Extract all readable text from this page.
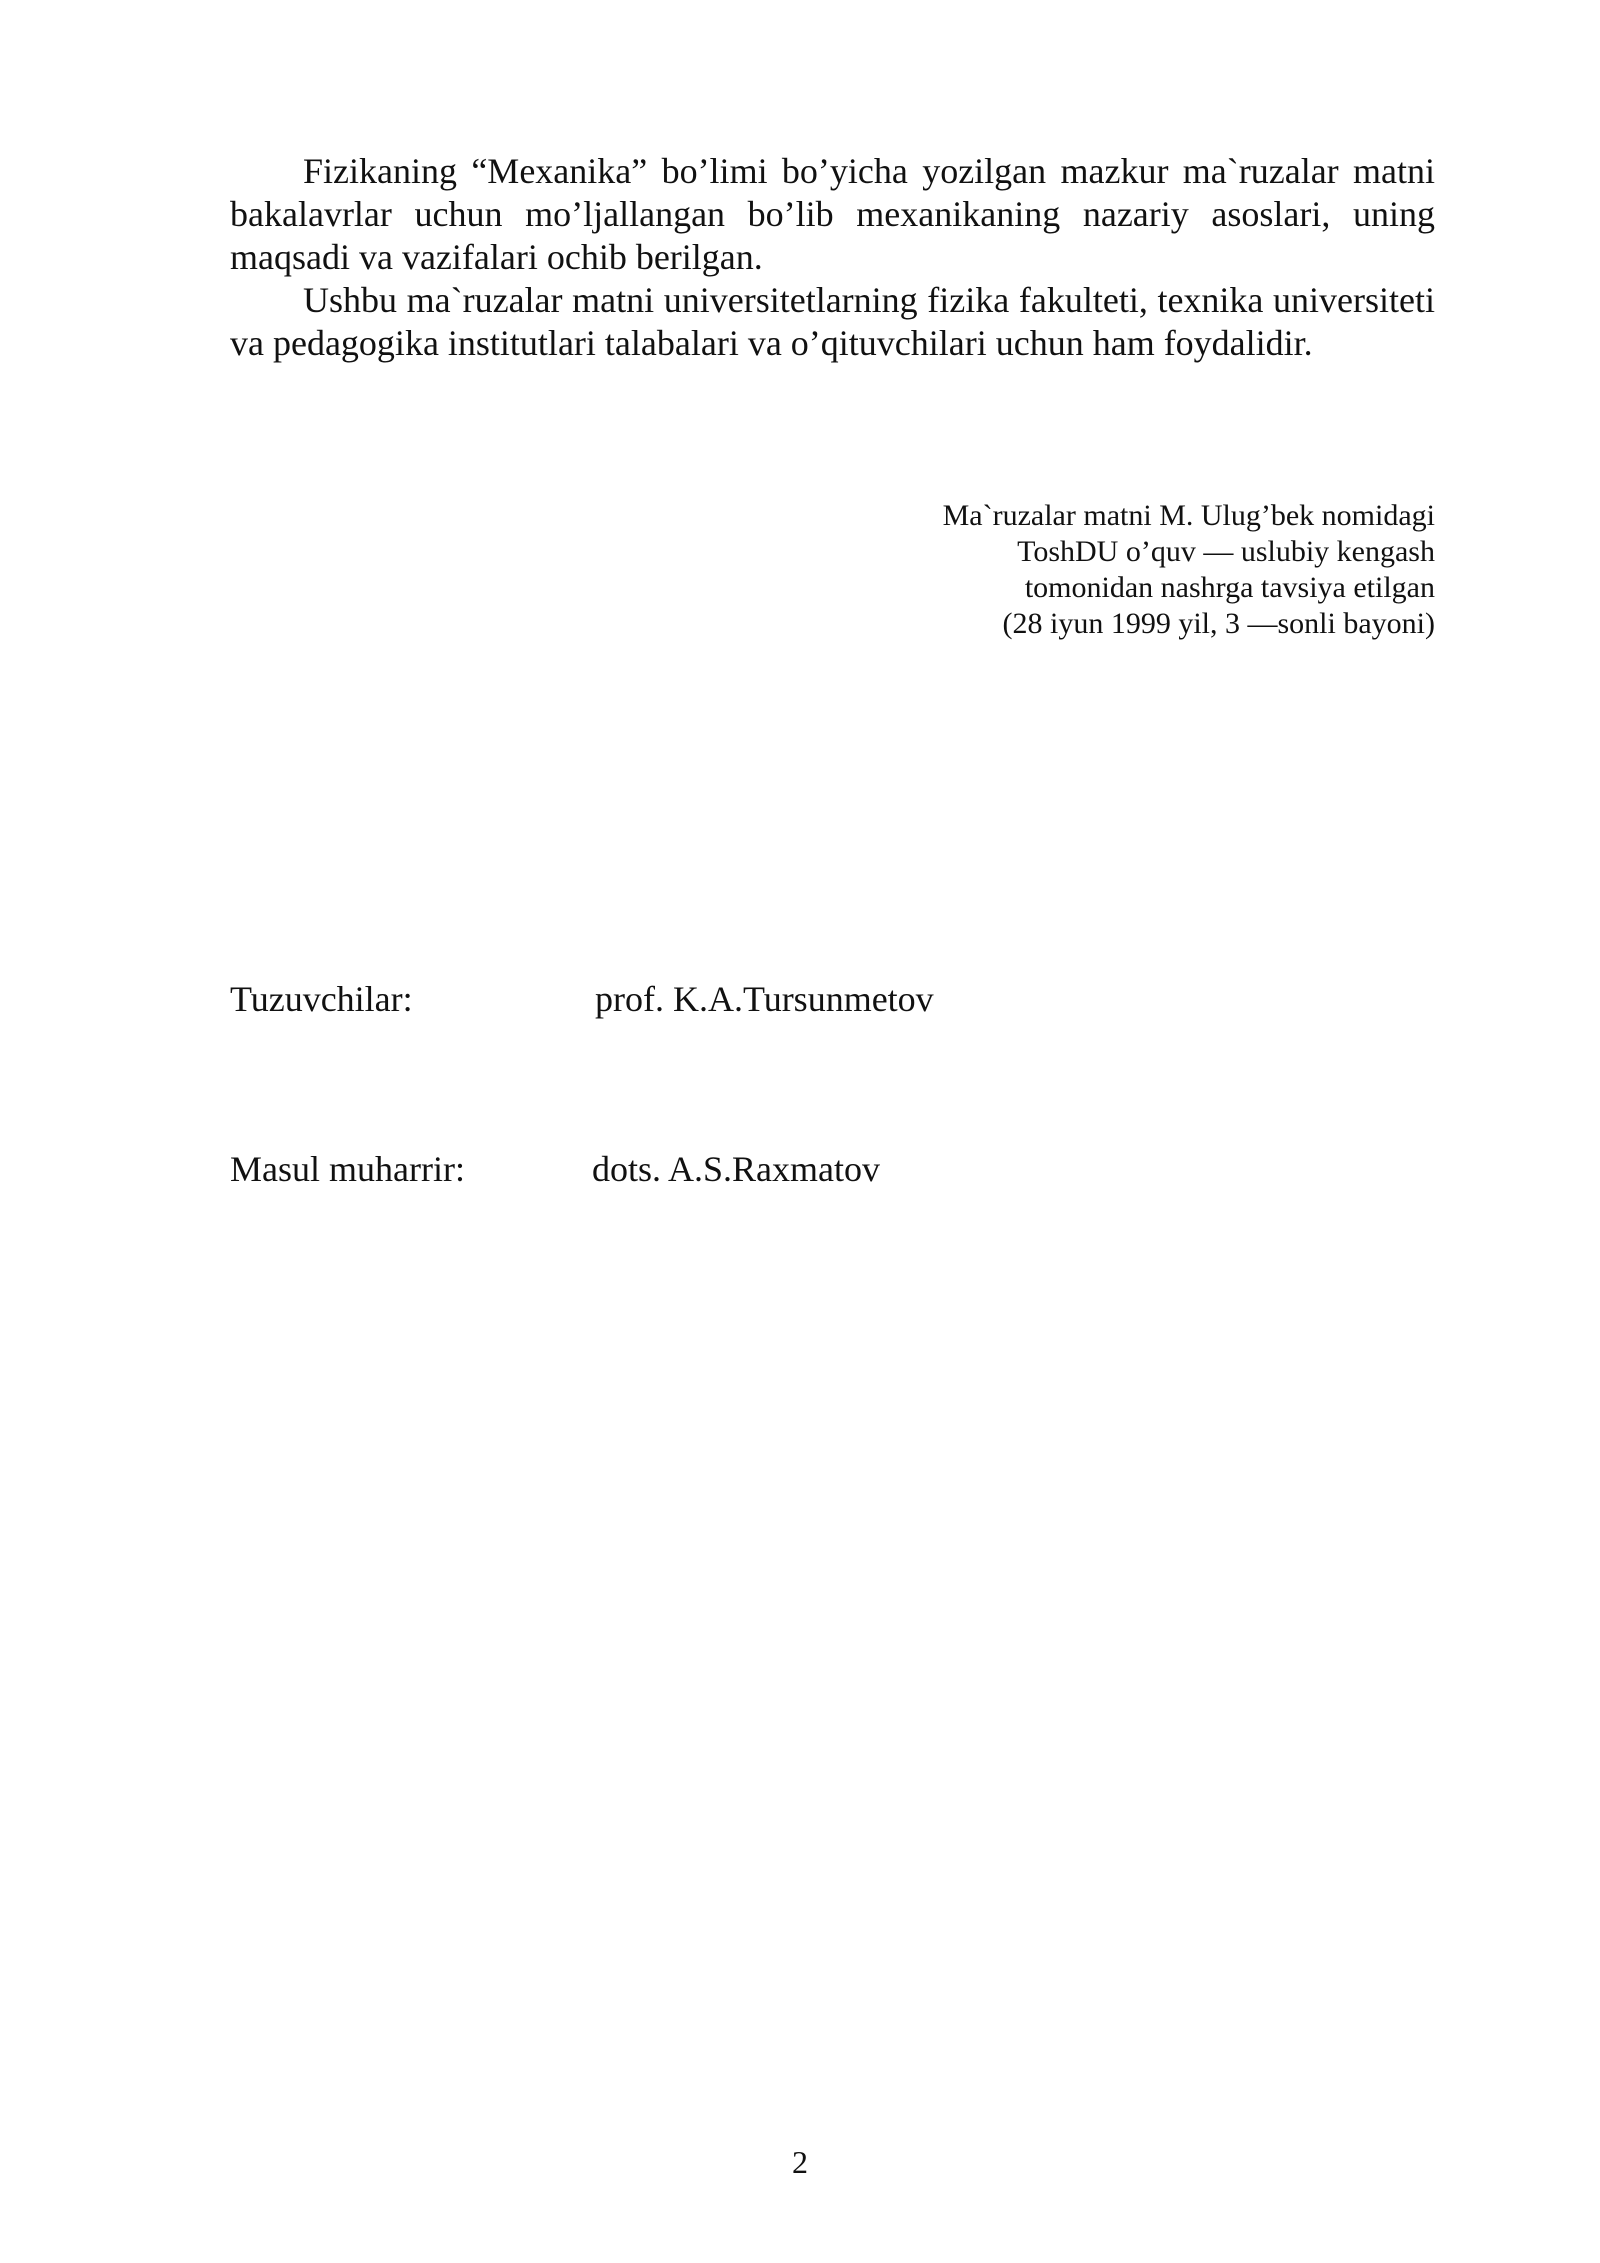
Fizikaning “Mexanika” bo’limi bo’yicha yozilgan mazkur ma`ruzalar matni bakalavrlar uchun mo’ljallangan bo’lib mexanikaning nazariy asoslari, uning maqsadi va vazifalari ochib berilgan.

Ushbu ma`ruzalar matni universitetlarning fizika fakulteti, texnika universiteti va pedagogika institutlari talabalari va o’qituvchilari uchun ham foydalidir.

Ma`ruzalar matni M. Ulug’bek nomidagi
ToshDU o’quv — uslubiy kengash
tomonidan nashrga tavsiya etilgan
(28 iyun 1999 yil, 3 —sonli bayoni)
Tuzuvchilar:	prof. K.A.Tursunmetov
Masul muharrir:	dots. A.S.Raxmatov
2
